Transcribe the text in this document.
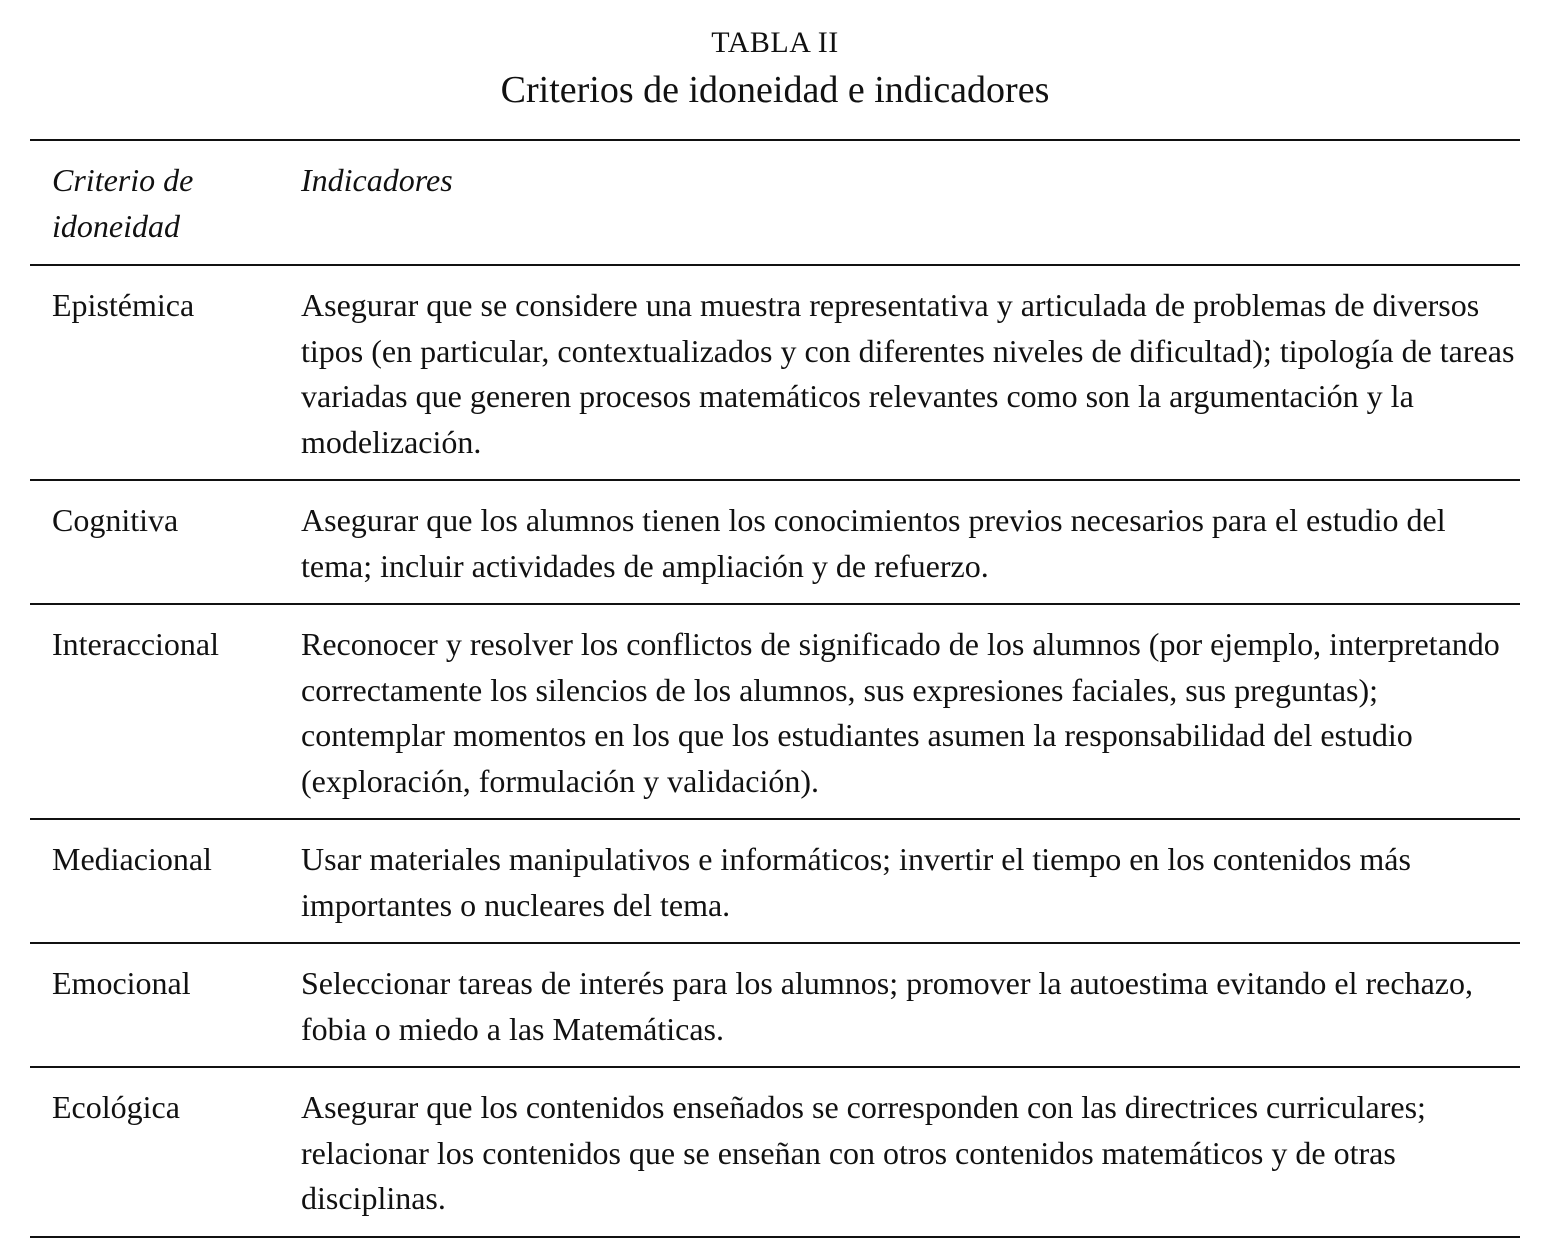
TABLA II
Criterios de idoneidad e indicadores
Criterio de idoneidad	Indicadores
Epistémica	Asegurar que se considere una muestra representativa y articulada de problemas de diversos tipos (en particular, contextualizados y con diferentes niveles de dificultad); tipología de tareas variadas que generen procesos matemáticos relevantes como son la argumentación y la modelización.
Cognitiva	Asegurar que los alumnos tienen los conocimientos previos necesarios para el estudio del tema; incluir actividades de ampliación y de refuerzo.
Interaccional	Reconocer y resolver los conflictos de significado de los alumnos (por ejemplo, interpretando correctamente los silencios de los alumnos, sus expresiones faciales, sus preguntas); contemplar momentos en los que los estudiantes asumen la responsabilidad del estudio (exploración, formulación y validación).
Mediacional	Usar materiales manipulativos e informáticos; invertir el tiempo en los contenidos más importantes o nucleares del tema.
Emocional	Seleccionar tareas de interés para los alumnos; promover la autoestima evitando el rechazo, fobia o miedo a las Matemáticas.
Ecológica	Asegurar que los contenidos enseñados se corresponden con las directrices curriculares; relacionar los contenidos que se enseñan con otros contenidos matemáticos y de otras disciplinas.
